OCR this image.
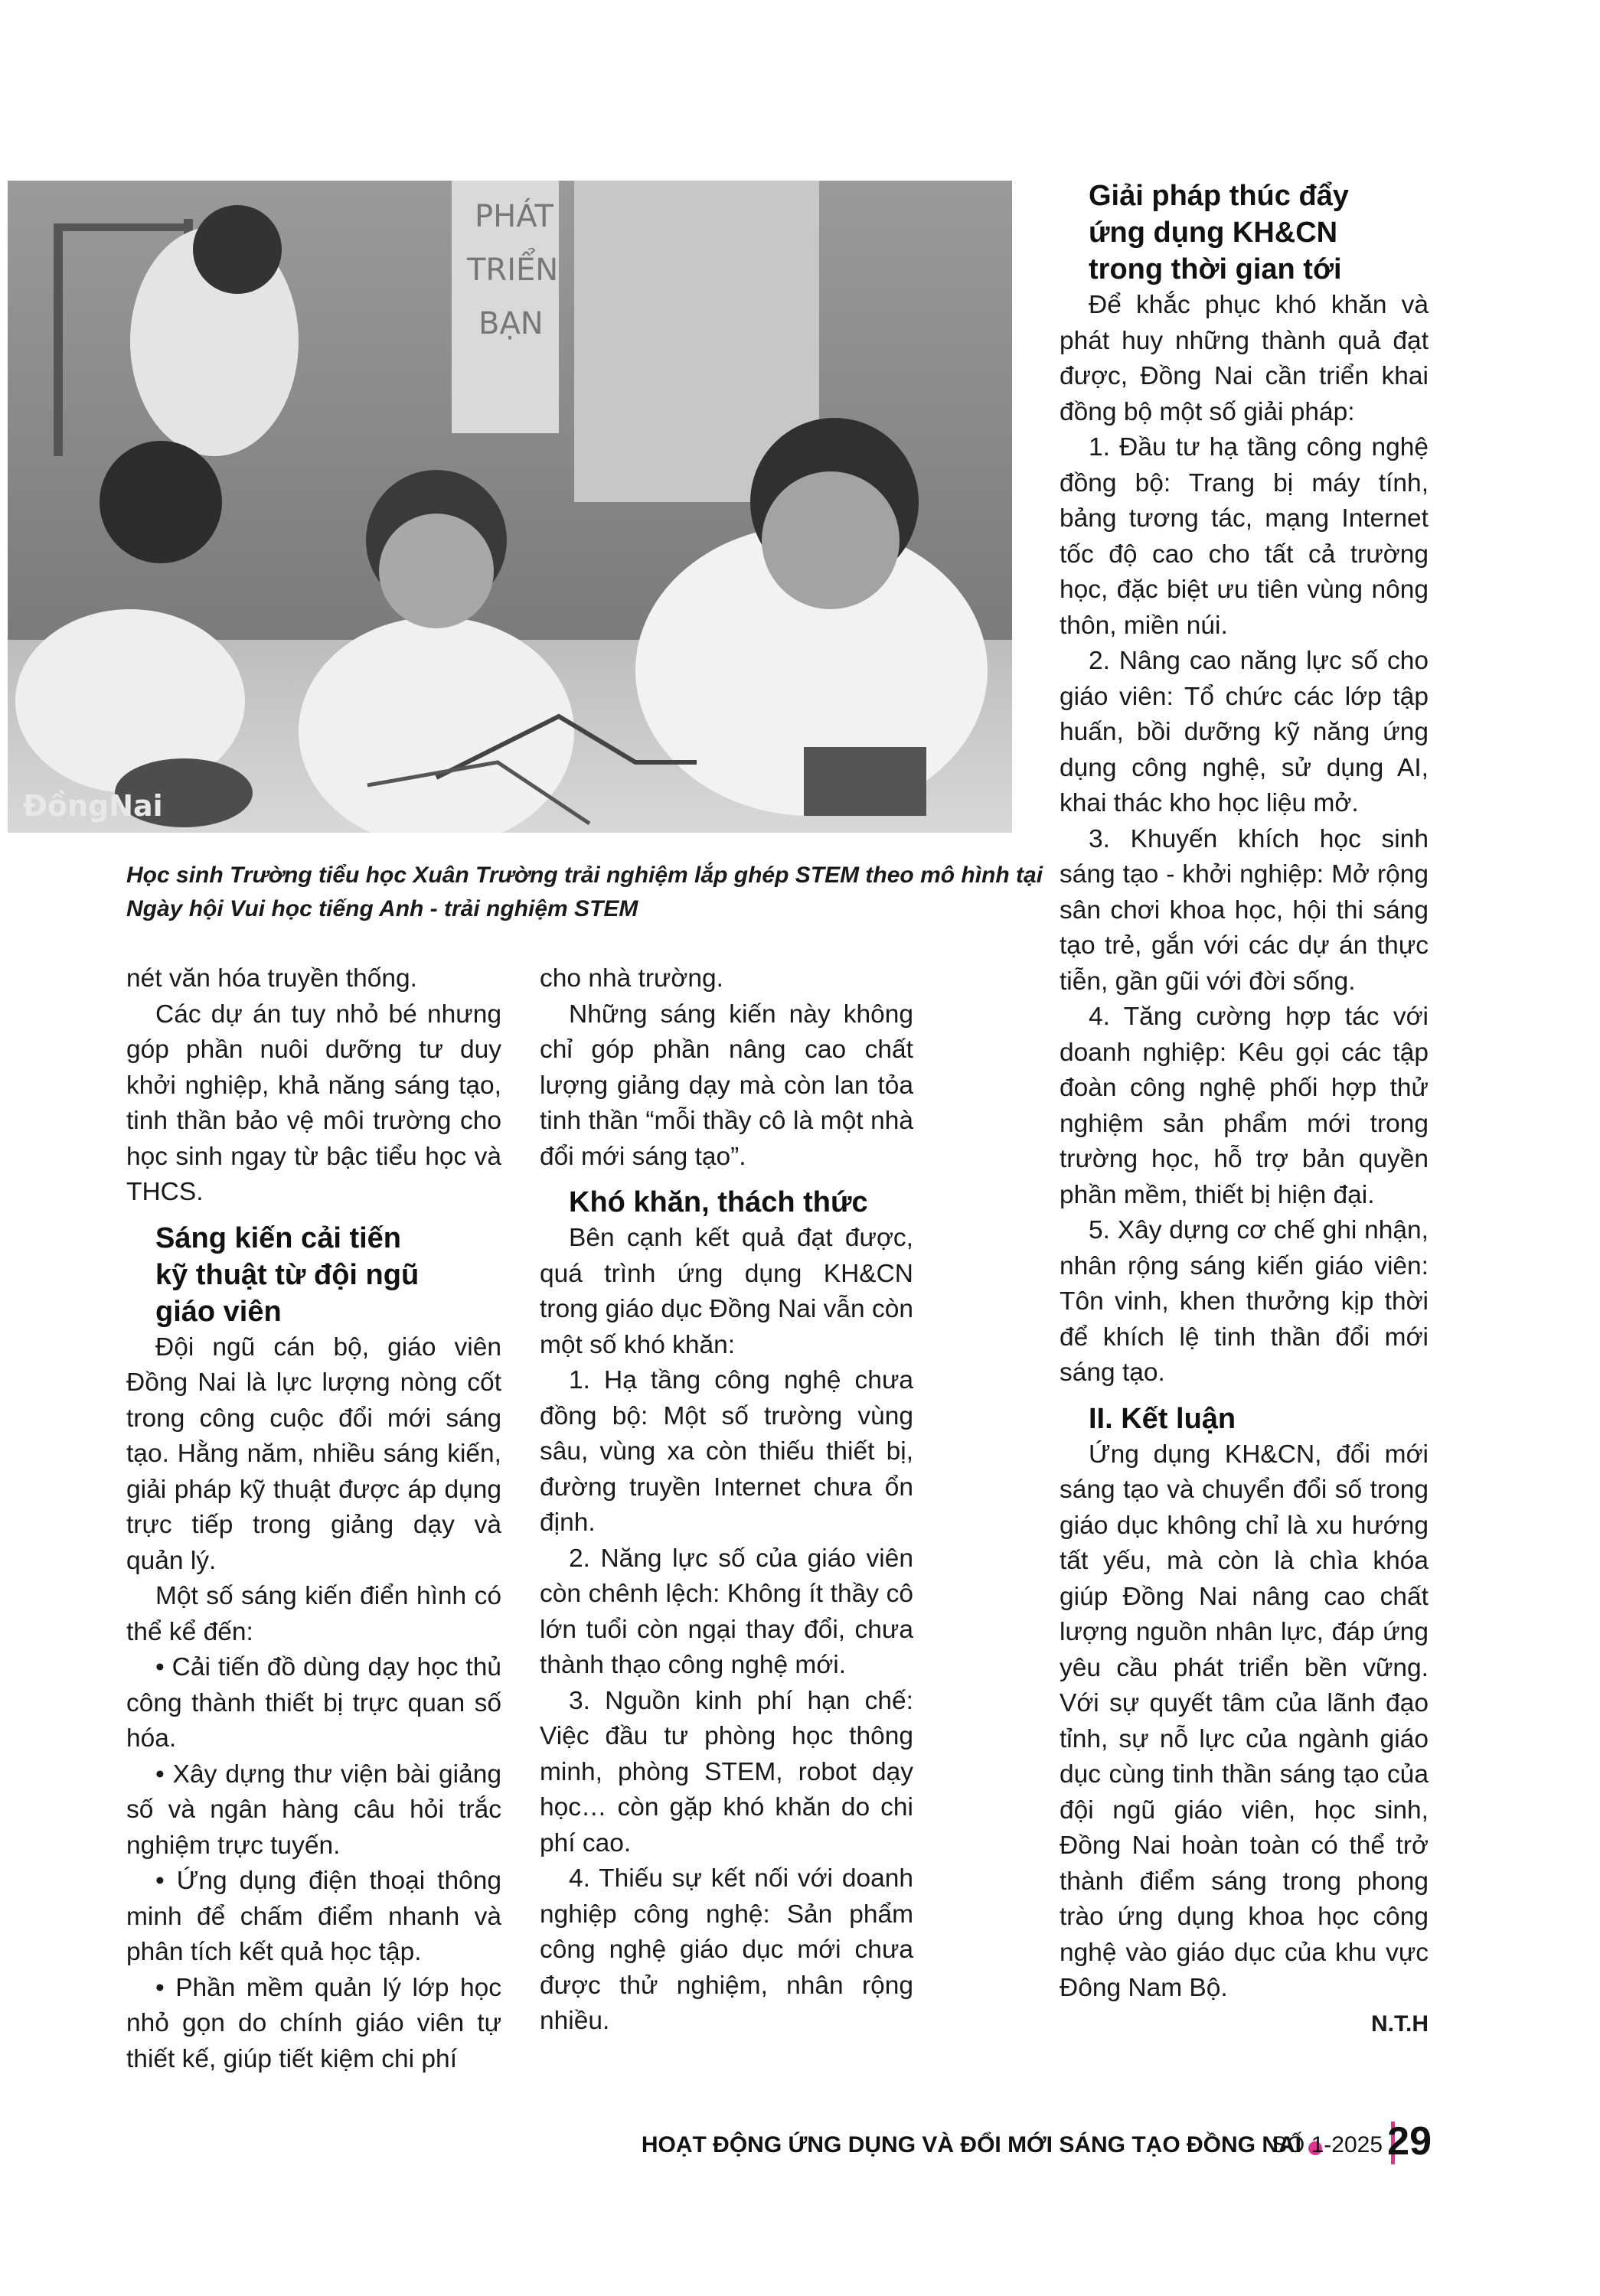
PHÁT
TRIỂN
BẠN
ĐồngNai

Học sinh Trường tiểu học Xuân Trường trải nghiệm lắp ghép STEM theo mô hình tại

Ngày hội Vui học tiếng Anh - trải nghiệm STEM

nét văn hóa truyền thống.

Các dự án tuy nhỏ bé nhưng góp phần nuôi dưỡng tư duy khởi nghiệp, khả năng sáng tạo, tinh thần bảo vệ môi trường cho học sinh ngay từ bậc tiểu học và THCS.

Sáng kiến cải tiến

kỹ thuật từ đội ngũ

giáo viên

Đội ngũ cán bộ, giáo viên Đồng Nai là lực lượng nòng cốt trong công cuộc đổi mới sáng tạo. Hằng năm, nhiều sáng kiến, giải pháp kỹ thuật được áp dụng trực tiếp trong giảng dạy và quản lý.

Một số sáng kiến điển hình có thể kể đến:

• Cải tiến đồ dùng dạy học thủ công thành thiết bị trực quan số hóa.

• Xây dựng thư viện bài giảng số và ngân hàng câu hỏi trắc nghiệm trực tuyến.

• Ứng dụng điện thoại thông minh để chấm điểm nhanh và phân tích kết quả học tập.

• Phần mềm quản lý lớp học nhỏ gọn do chính giáo viên tự thiết kế, giúp tiết kiệm chi phí

cho nhà trường.

Những sáng kiến này không chỉ góp phần nâng cao chất lượng giảng dạy mà còn lan tỏa tinh thần “mỗi thầy cô là một nhà đổi mới sáng tạo”.

Khó khăn, thách thức

Bên cạnh kết quả đạt được, quá trình ứng dụng KH&CN trong giáo dục Đồng Nai vẫn còn một số khó khăn:

1. Hạ tầng công nghệ chưa đồng bộ: Một số trường vùng sâu, vùng xa còn thiếu thiết bị, đường truyền Internet chưa ổn định.

2. Năng lực số của giáo viên còn chênh lệch: Không ít thầy cô lớn tuổi còn ngại thay đổi, chưa thành thạo công nghệ mới.

3. Nguồn kinh phí hạn chế: Việc đầu tư phòng học thông minh, phòng STEM, robot dạy học… còn gặp khó khăn do chi phí cao.

4. Thiếu sự kết nối với doanh nghiệp công nghệ: Sản phẩm công nghệ giáo dục mới chưa được thử nghiệm, nhân rộng nhiều.

Giải pháp thúc đẩy

ứng dụng KH&CN

trong thời gian tới

Để khắc phục khó khăn và phát huy những thành quả đạt được, Đồng Nai cần triển khai đồng bộ một số giải pháp:

1. Đầu tư hạ tầng công nghệ đồng bộ: Trang bị máy tính, bảng tương tác, mạng Internet tốc độ cao cho tất cả trường học, đặc biệt ưu tiên vùng nông thôn, miền núi.

2. Nâng cao năng lực số cho giáo viên: Tổ chức các lớp tập huấn, bồi dưỡng kỹ năng ứng dụng công nghệ, sử dụng AI, khai thác kho học liệu mở.

3. Khuyến khích học sinh sáng tạo - khởi nghiệp: Mở rộng sân chơi khoa học, hội thi sáng tạo trẻ, gắn với các dự án thực tiễn, gần gũi với đời sống.

4. Tăng cường hợp tác với doanh nghiệp: Kêu gọi các tập đoàn công nghệ phối hợp thử nghiệm sản phẩm mới trong trường học, hỗ trợ bản quyền phần mềm, thiết bị hiện đại.

5. Xây dựng cơ chế ghi nhận, nhân rộng sáng kiến giáo viên: Tôn vinh, khen thưởng kịp thời để khích lệ tinh thần đổi mới sáng tạo.

II. Kết luận

Ứng dụng KH&CN, đổi mới sáng tạo và chuyển đổi số trong giáo dục không chỉ là xu hướng tất yếu, mà còn là chìa khóa giúp Đồng Nai nâng cao chất lượng nguồn nhân lực, đáp ứng yêu cầu phát triển bền vững. Với sự quyết tâm của lãnh đạo tỉnh, sự nỗ lực của ngành giáo dục cùng tinh thần sáng tạo của đội ngũ giáo viên, học sinh, Đồng Nai hoàn toàn có thể trở thành điểm sáng trong phong trào ứng dụng khoa học công nghệ vào giáo dục của khu vực Đông Nam Bộ.

N.T.H

HOẠT ĐỘNG ỨNG DỤNG VÀ ĐỔI MỚI SÁNG TẠO ĐỒNG NAI
SỐ 1-2025 29
